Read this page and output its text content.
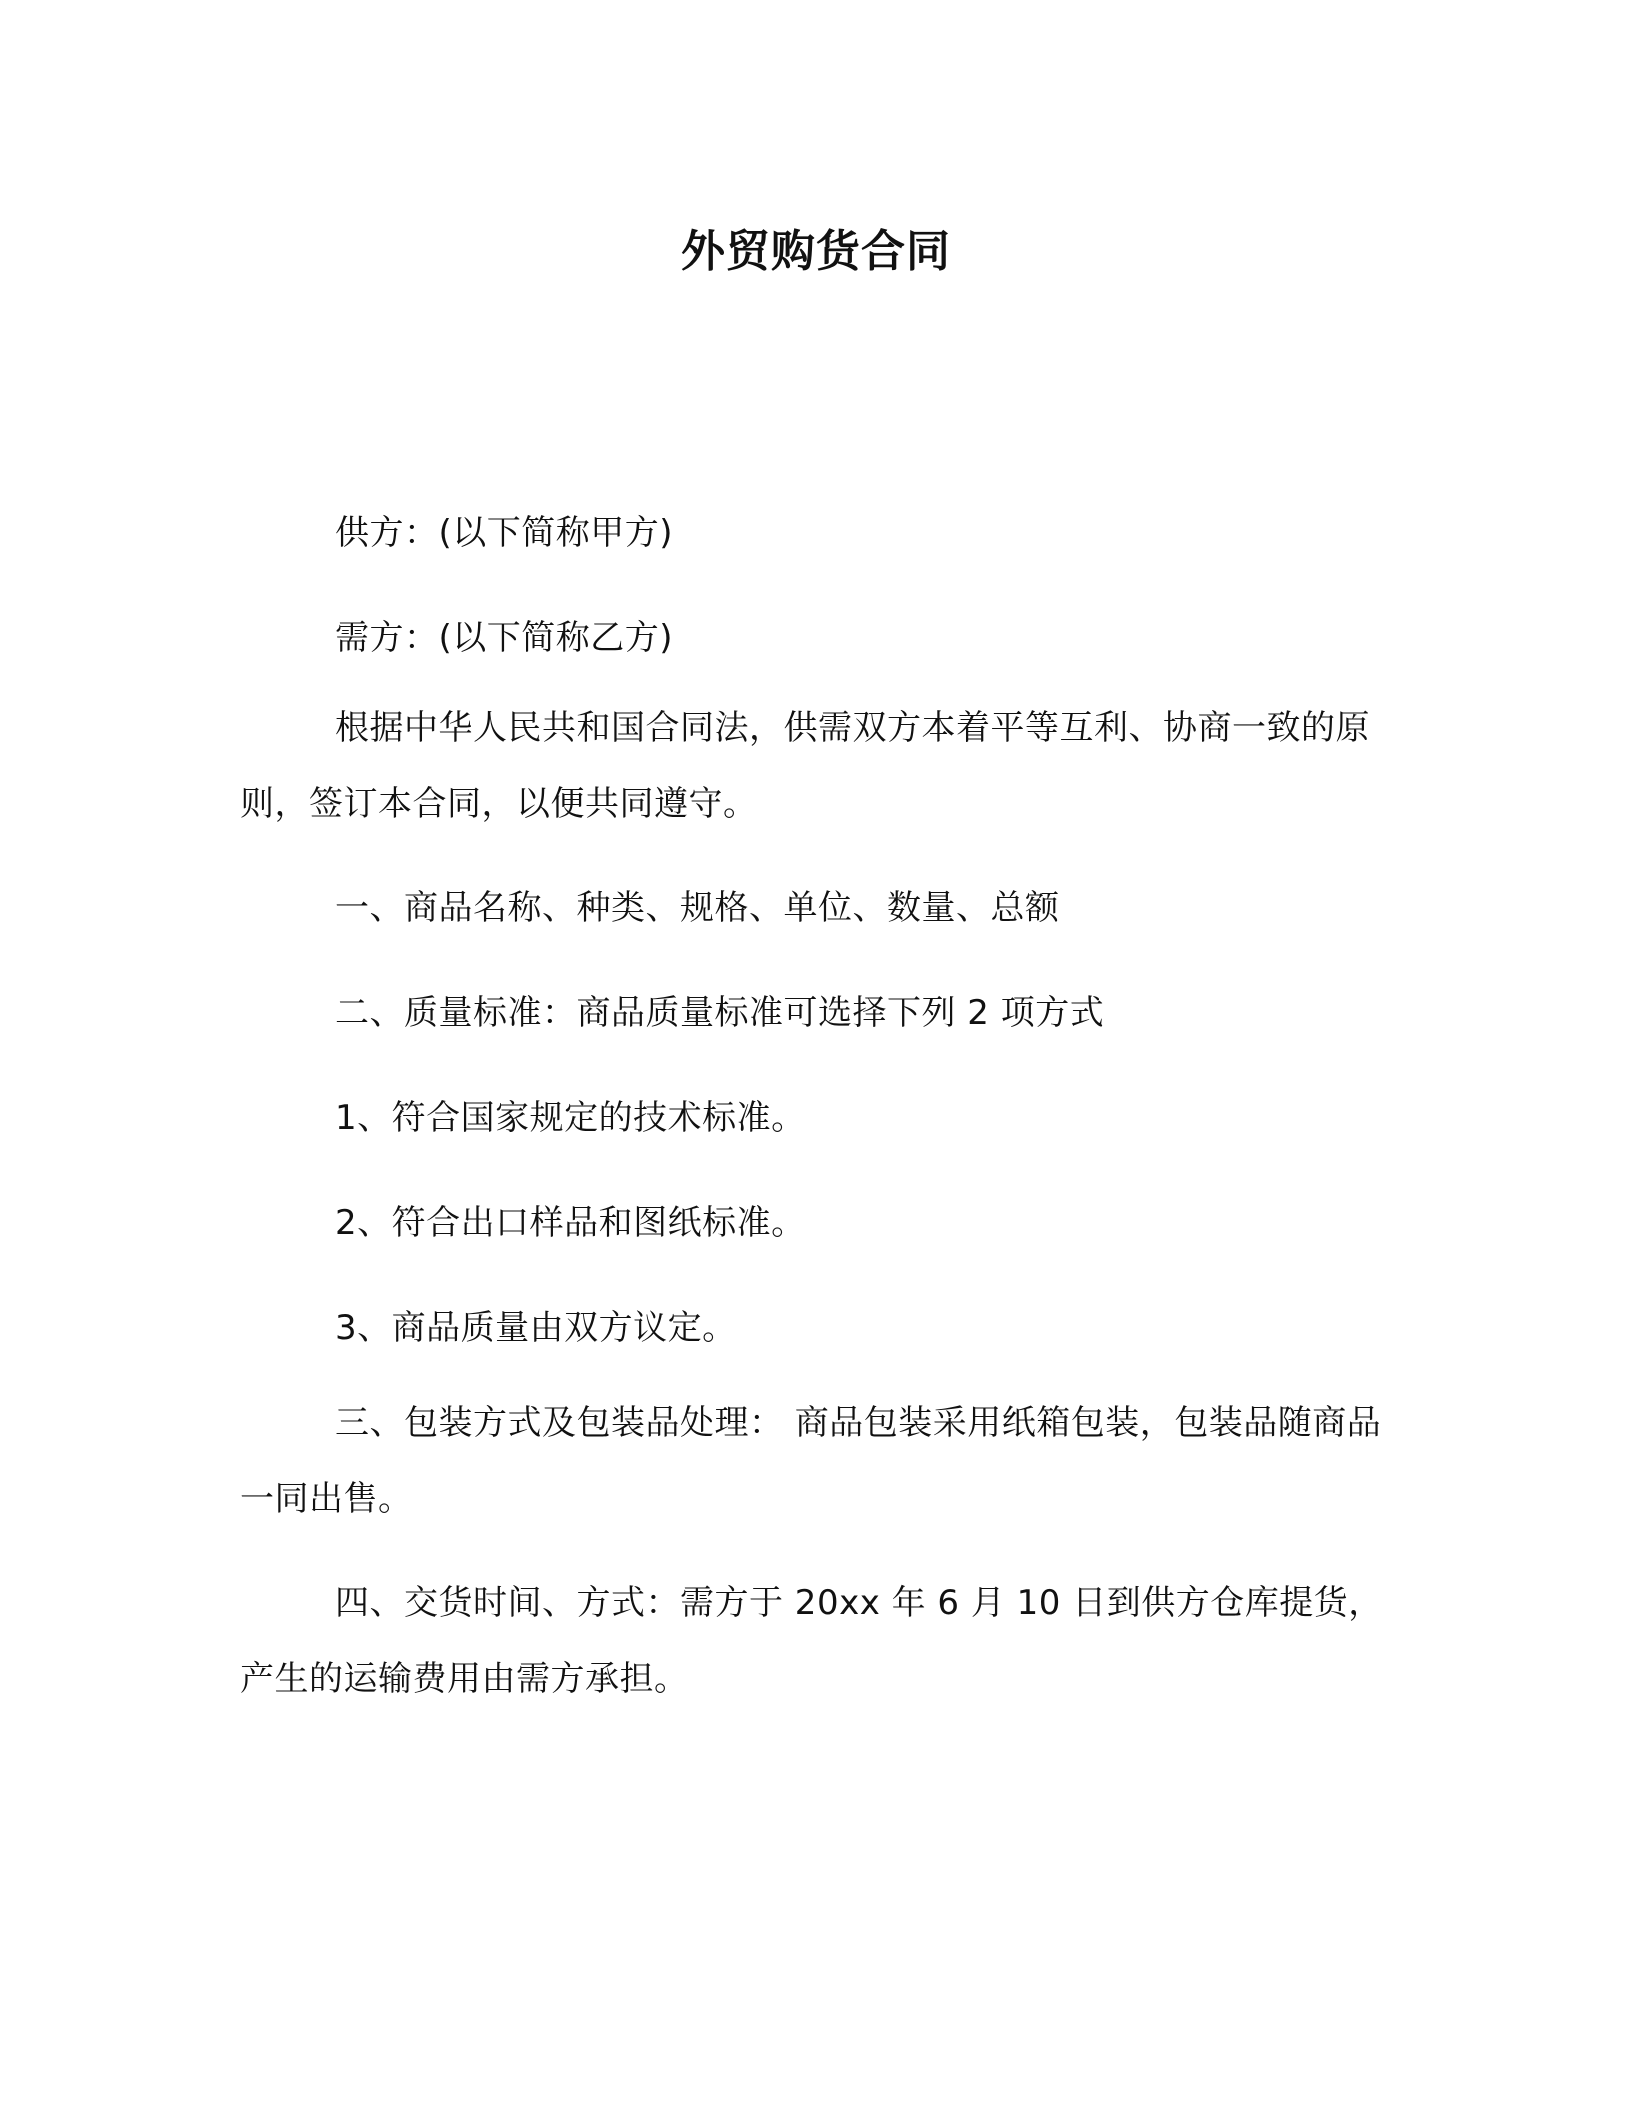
外贸购货合同

供方：(以下简称甲方)

需方：(以下简称乙方)

根据中华人民共和国合同法，供需双方本着平等互利、协商一致的原则，签订本合同，以便共同遵守。

一、商品名称、种类、规格、单位、数量、总额

二、质量标准：商品质量标准可选择下列 2 项方式

1、符合国家规定的技术标准。

2、符合出口样品和图纸标准。

3、商品质量由双方议定。

三、包装方式及包装品处理： 商品包装采用纸箱包装，包装品随商品一同出售。

四、交货时间、方式：需方于 20xx 年 6 月 10 日到供方仓库提货，产生的运输费用由需方承担。
